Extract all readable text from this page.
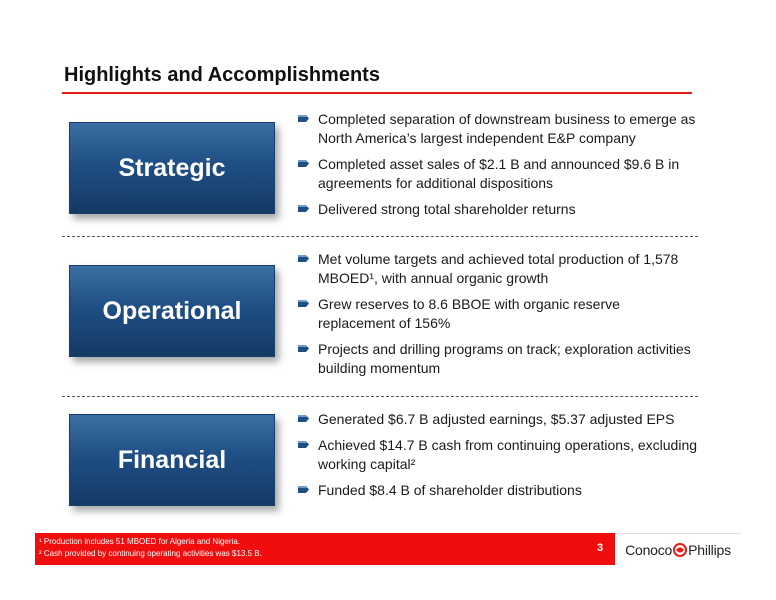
Highlights and Accomplishments
Strategic
Completed separation of downstream business to emerge as North America’s largest independent E&P company
Completed asset sales of $2.1 B and announced $9.6 B in agreements for additional dispositions
Delivered strong total shareholder returns
Operational
Met volume targets and achieved total production of 1,578 MBOED¹, with annual organic growth
Grew reserves to 8.6 BBOE with organic reserve replacement of 156%
Projects and drilling programs on track; exploration activities building momentum
Financial
Generated $6.7 B adjusted earnings, $5.37 adjusted EPS
Achieved $14.7 B cash from continuing operations, excluding working capital²
Funded $8.4 B of shareholder distributions
¹ Production includes 51 MBOED for Algeria and Nigeria.
² Cash provided by continuing operating activities was $13.5 B.	3 Conoco Phillips
